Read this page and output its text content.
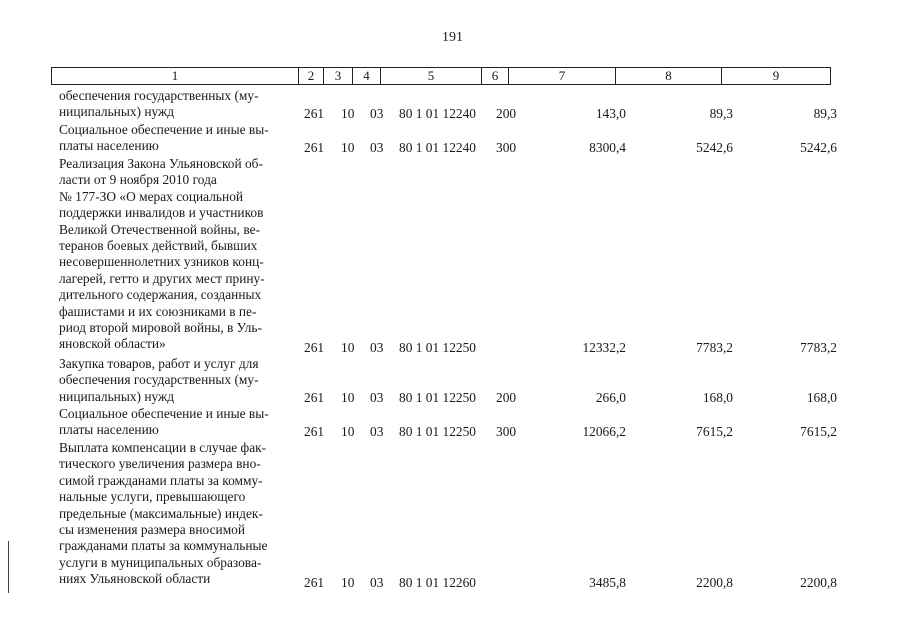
191
1	2	3	4	5	6	7	8	9
обеспечения государственных (му-
ниципальных) нужд	261 10 03 80 1 01 12240 200	143,0	89,3	89,3
Социальное обеспечение и иные вы-
платы населению	261 10 03 80 1 01 12240 300	8300,4	5242,6	5242,6
Реализация Закона Ульяновской об-
ласти от 9 ноября 2010 года
№ 177-ЗО «О мерах социальной
поддержки инвалидов и участников
Великой Отечественной войны, ве-
теранов боевых действий, бывших
несовершеннолетних узников конц-
лагерей, гетто и других мест прину-
дительного содержания, созданных
фашистами и их союзниками в пе-
риод второй мировой войны, в Уль-
яновской области»	261 10 03 80 1 01 12250	12332,2	7783,2	7783,2
Закупка товаров, работ и услуг для
обеспечения государственных (му-
ниципальных) нужд	261 10 03 80 1 01 12250 200	266,0	168,0	168,0
Социальное обеспечение и иные вы-
платы населению	261 10 03 80 1 01 12250 300	12066,2	7615,2	7615,2
Выплата компенсации в случае фак-
тического увеличения размера вно-
симой гражданами платы за комму-
нальные услуги, превышающего
предельные (максимальные) индек-
сы изменения размера вносимой
гражданами платы за коммунальные
услуги в муниципальных образова-
ниях Ульяновской области	261 10 03 80 1 01 12260	3485,8	2200,8	2200,8
